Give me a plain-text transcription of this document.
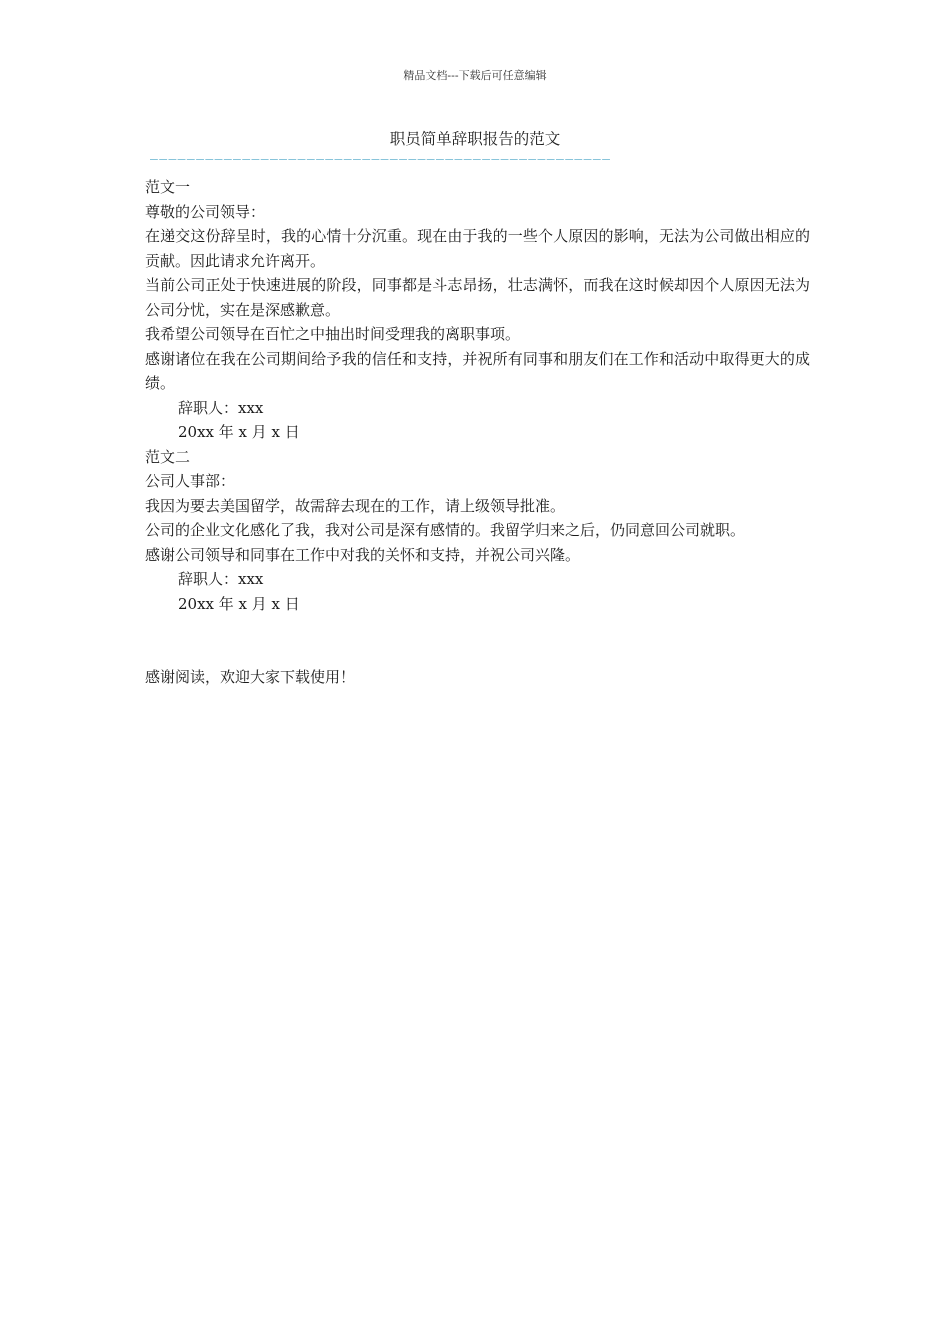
精品文档---下载后可任意编辑
职员简单辞职报告的范文
——————————————————————————————————————————————————

范文一

尊敬的公司领导：

在递交这份辞呈时，我的心情十分沉重。现在由于我的一些个人原因的影响，无法为公司做出相应的贡献。因此请求允许离开。

当前公司正处于快速进展的阶段，同事都是斗志昂扬，壮志满怀，而我在这时候却因个人原因无法为公司分忧，实在是深感歉意。

我希望公司领导在百忙之中抽出时间受理我的离职事项。

感谢诸位在我在公司期间给予我的信任和支持，并祝所有同事和朋友们在工作和活动中取得更大的成绩。

辞职人：xxx

20xx 年 x 月 x 日

范文二

公司人事部：

我因为要去美国留学，故需辞去现在的工作，请上级领导批准。

公司的企业文化感化了我，我对公司是深有感情的。我留学归来之后，仍同意回公司就职。

感谢公司领导和同事在工作中对我的关怀和支持，并祝公司兴隆。

辞职人：xxx

20xx 年 x 月 x 日

感谢阅读，欢迎大家下载使用！
